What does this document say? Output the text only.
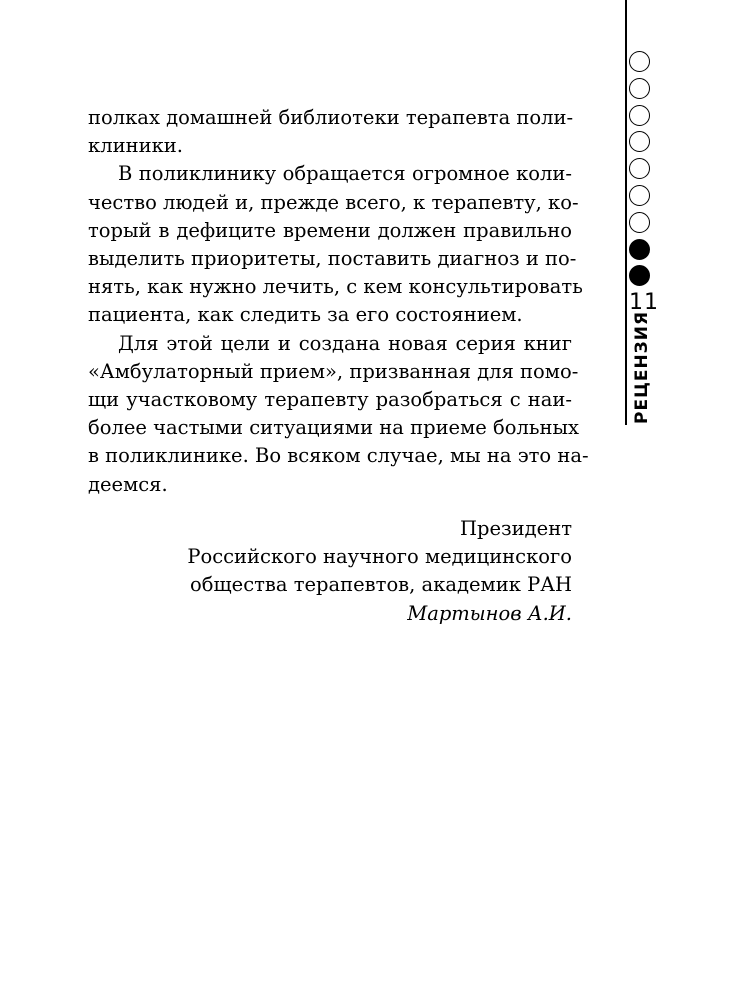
полках домашней библиотеки терапевта поли-
клиники.
В поликлинику обращается огромное коли-
чество людей и, прежде всего, к терапевту, ко-
торый в дефиците времени должен правильно
выделить приоритеты, поставить диагноз и по-
нять, как нужно лечить, с кем консультировать
пациента, как следить за его состоянием.
Для этой цели и создана новая серия книг
«Амбулаторный прием», призванная для помо-
щи участковому терапевту разобраться с наи-
более частыми ситуациями на приеме больных
в поликлинике. Во всяком случае, мы на это на-
деемся.
Президент
Российского научного медицинского
общества терапевтов, академик РАН
Мартынов А.И.
11
РЕЦЕНЗИЯ
